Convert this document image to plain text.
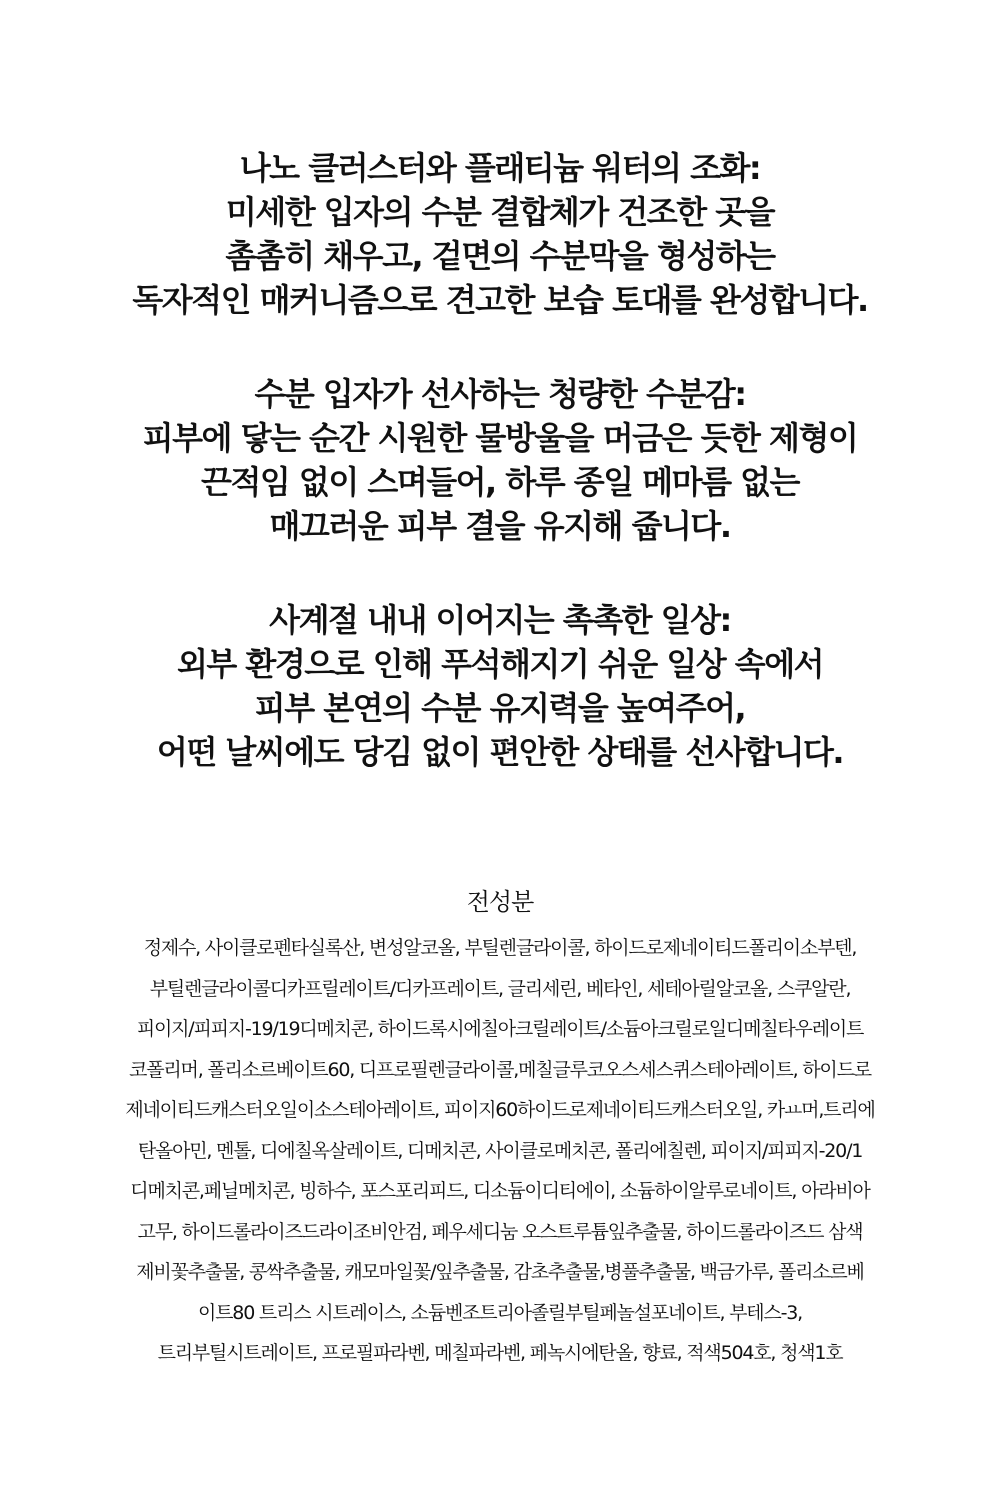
나노 클러스터와 플래티늄 워터의 조화:
미세한 입자의 수분 결합체가 건조한 곳을
촘촘히 채우고, 겉면의 수분막을 형성하는
독자적인 매커니즘으로 견고한 보습 토대를 완성합니다.
수분 입자가 선사하는 청량한 수분감:
피부에 닿는 순간 시원한 물방울을 머금은 듯한 제형이
끈적임 없이 스며들어, 하루 종일 메마름 없는
매끄러운 피부 결을 유지해 줍니다.
사계절 내내 이어지는 촉촉한 일상:
외부 환경으로 인해 푸석해지기 쉬운 일상 속에서
피부 본연의 수분 유지력을 높여주어,
어떤 날씨에도 당김 없이 편안한 상태를 선사합니다.
전성분
정제수, 사이클로펜타실록산, 변성알코올, 부틸렌글라이콜, 하이드로제네이티드폴리이소부텐,
부틸렌글라이콜디카프릴레이트/디카프레이트, 글리세린, 베타인, 세테아릴알코올, 스쿠알란,
피이지/피피지-19/19디메치콘, 하이드록시에칠아크릴레이트/소듐아크릴로일디메칠타우레이트
코폴리머, 폴리소르베이트60, 디프로필렌글라이콜,메칠글루코오스세스퀴스테아레이트, 하이드로
제네이티드캐스터오일이소스테아레이트, 피이지60하이드로제네이티드캐스터오일, 카ㅛ머,트리에
탄올아민, 멘톨, 디에칠옥살레이트, 디메치콘, 사이클로메치콘, 폴리에칠렌, 피이지/피피지-20/1
디메치콘,페닐메치콘, 빙하수, 포스포리피드, 디소듐이디티에이, 소듐하이알루로네이트, 아라비아
고무, 하이드롤라이즈드라이조비안검, 페우세디눔 오스트루튬잎추출물, 하이드롤라이즈드 삼색
제비꽃추출물, 콩싹추출물, 캐모마일꽃/잎추출물, 감초추출물,병풀추출물, 백금가루, 폴리소르베
이트80 트리스 시트레이스, 소듐벤조트리아졸릴부틸페놀설포네이트, 부테스-3,
트리부틸시트레이트, 프로필파라벤, 메칠파라벤, 페녹시에탄올, 향료, 적색504호, 청색1호
